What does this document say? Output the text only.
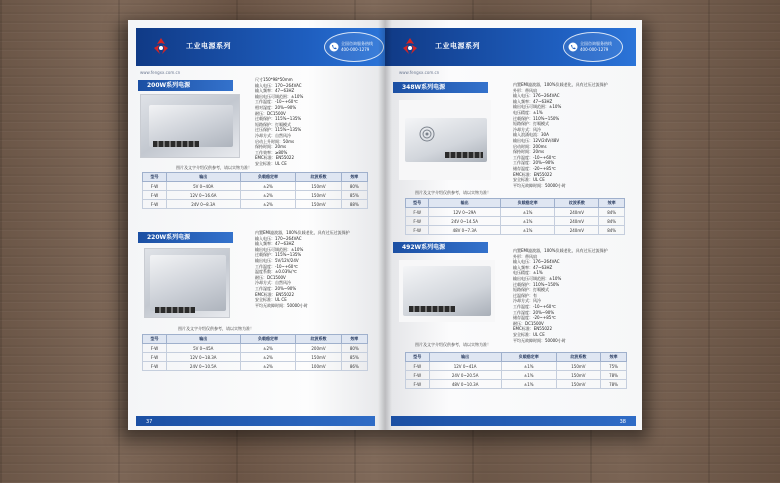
工业电源系列	全国咨询服务热线
400-000-1279
www.fengxx.com.cn
200W系列电源
尺寸150*98*50mm
输入电压：170~264VAC
输入频率：47~63HZ
输出电压可调范围：±10%
工作温度：-10~+60℃
相对湿度：20%~90%
耐压：DC1500V
过载保护：115%~135%
短路保护：打嗝模式
过压保护：115%~135%
冷却方式：自然风冷
启动上升时间：50ms
保持时间：20ms
工作效率：≥80%
EMC标准：EN55022
安全标准：UL CE
图片及文字介绍仅供参考，请以实物为准！
型号	输出	负载稳定率	纹波系数	效率
F-W	5V 0~40A	±2%	150mV	80%
F-W	12V 0~16.6A	±2%	150mV	85%
F-W	24V 0~8.3A	±2%	150mV	88%
220W系列电源
内置EMI滤波器，100%负载老化，具有过压过流保护
输入电压：170~264VAC
输入频率：47~63HZ
输出电压可调范围：±10%
过载保护：115%~135%
输出电压：5V/12V/24V
工作温度：-10~+60℃
温度系数：±0.03%/℃
耐压：DC1500V
冷却方式：自然风冷
工作湿度：20%~90%
EMC标准：EN55022
安全标准：UL CE
平均无故障时间：50000小时
图片及文字介绍仅供参考，请以实物为准！
型号	输出	负载稳定率	纹波系数	效率
F-W	5V 0~45A	±2%	200mV	80%
F-W	12V 0~18.3A	±2%	150mV	85%
F-W	24V 0~10.5A	±2%	100mV	86%
37
工业电源系列	全国咨询服务热线
400-000-1279
www.fengxx.com.cn
348W系列电源	内置EMI滤波器，100%负载老化，具有过压过流保护
外形：带风扇
输入电压：176~264VAC
输入频率：47~63HZ
输出电压可调范围：±10%
电压精度：±1%
过载保护：110%~150%
短路保护：打嗝模式
冷却方式：风冷
输入浪涌电流：30A
输出电压：12V/24V/48V
启动时间：200ms
保持时间：20ms
工作温度：-10~+60℃
工作湿度：20%~90%
储存温度：-20~+85℃
EMC标准：EN55022
安全标准：UL CE
平均无故障时间：50000小时
图片及文字介绍仅供参考，请以实物为准！
型号	输出	负载稳定率	纹波系数	效率
F-W	12V 0~29A	±1%	240mV	84%
F-W	24V 0~14.5A	±1%	240mV	84%
F-W	48V 0~7.3A	±1%	240mV	84%
492W系列电源	内置EMI滤波器，100%负载老化，具有过压过流保护
外形：带风扇
输入电压：176~264VAC
输入频率：47~63HZ
电压精度：±1%
输出电压可调范围：±10%
过载保护：110%~150%
短路保护：打嗝模式
过温保护：有
冷却方式：风冷
工作温度：-10~+60℃
工作湿度：20%~90%
储存温度：-20~+85℃
耐压：DC1500V
EMC标准：EN55022
安全标准：UL CE
平均无故障时间：50000小时
图片及文字介绍仅供参考，请以实物为准！
型号	输出	负载稳定率	纹波系数	效率
F-W	12V 0~41A	±1%	150mV	75%
F-W	24V 0~20.5A	±1%	150mV	78%
F-W	48V 0~10.3A	±1%	150mV	78%
38
